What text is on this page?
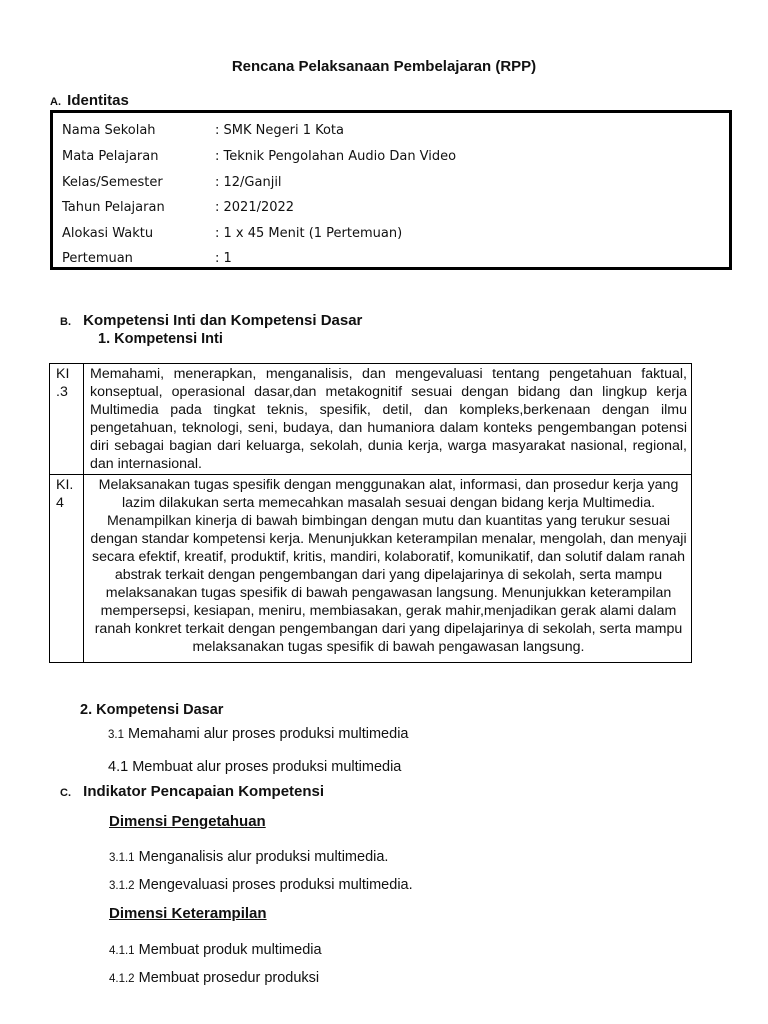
Rencana Pelaksanaan Pembelajaran (RPP)
A. Identitas
Nama Sekolah	: SMK Negeri 1 Kota
Mata Pelajaran	: Teknik Pengolahan Audio Dan Video
Kelas/Semester	: 12/Ganjil
Tahun Pelajaran	: 2021/2022
Alokasi Waktu	: 1 x 45 Menit (1 Pertemuan)
Pertemuan	: 1
B. Kompetensi Inti dan Kompetensi Dasar
1. Kompetensi Inti
KI .3	Memahami, menerapkan, menganalisis, dan mengevaluasi tentang pengetahuan faktual, konseptual, operasional dasar,dan metakognitif sesuai dengan bidang dan lingkup kerja Multimedia pada tingkat teknis, spesifik, detil, dan kompleks,berkenaan dengan ilmu pengetahuan, teknologi, seni, budaya, dan humaniora dalam konteks pengembangan potensi diri sebagai bagian dari keluarga, sekolah, dunia kerja, warga masyarakat nasional, regional, dan internasional.
KI. 4	Melaksanakan tugas spesifik dengan menggunakan alat, informasi, dan prosedur kerja yang lazim dilakukan serta memecahkan masalah sesuai dengan bidang kerja Multimedia. Menampilkan kinerja di bawah bimbingan dengan mutu dan kuantitas yang terukur sesuai dengan standar kompetensi kerja. Menunjukkan keterampilan menalar, mengolah, dan menyaji secara efektif, kreatif, produktif, kritis, mandiri, kolaboratif, komunikatif, dan solutif dalam ranah abstrak terkait dengan pengembangan dari yang dipelajarinya di sekolah, serta mampu melaksanakan tugas spesifik di bawah pengawasan langsung. Menunjukkan keterampilan mempersepsi, kesiapan, meniru, membiasakan, gerak mahir,menjadikan gerak alami dalam ranah konkret terkait dengan pengembangan dari yang dipelajarinya di sekolah, serta mampu melaksanakan tugas spesifik di bawah pengawasan langsung.
2. Kompetensi Dasar
3.1 Memahami alur proses produksi multimedia
4.1 Membuat alur proses produksi multimedia
C. Indikator Pencapaian Kompetensi
Dimensi Pengetahuan
3.1.1 Menganalisis alur produksi multimedia.
3.1.2 Mengevaluasi proses produksi multimedia.
Dimensi Keterampilan
4.1.1 Membuat produk multimedia
4.1.2 Membuat prosedur produksi
